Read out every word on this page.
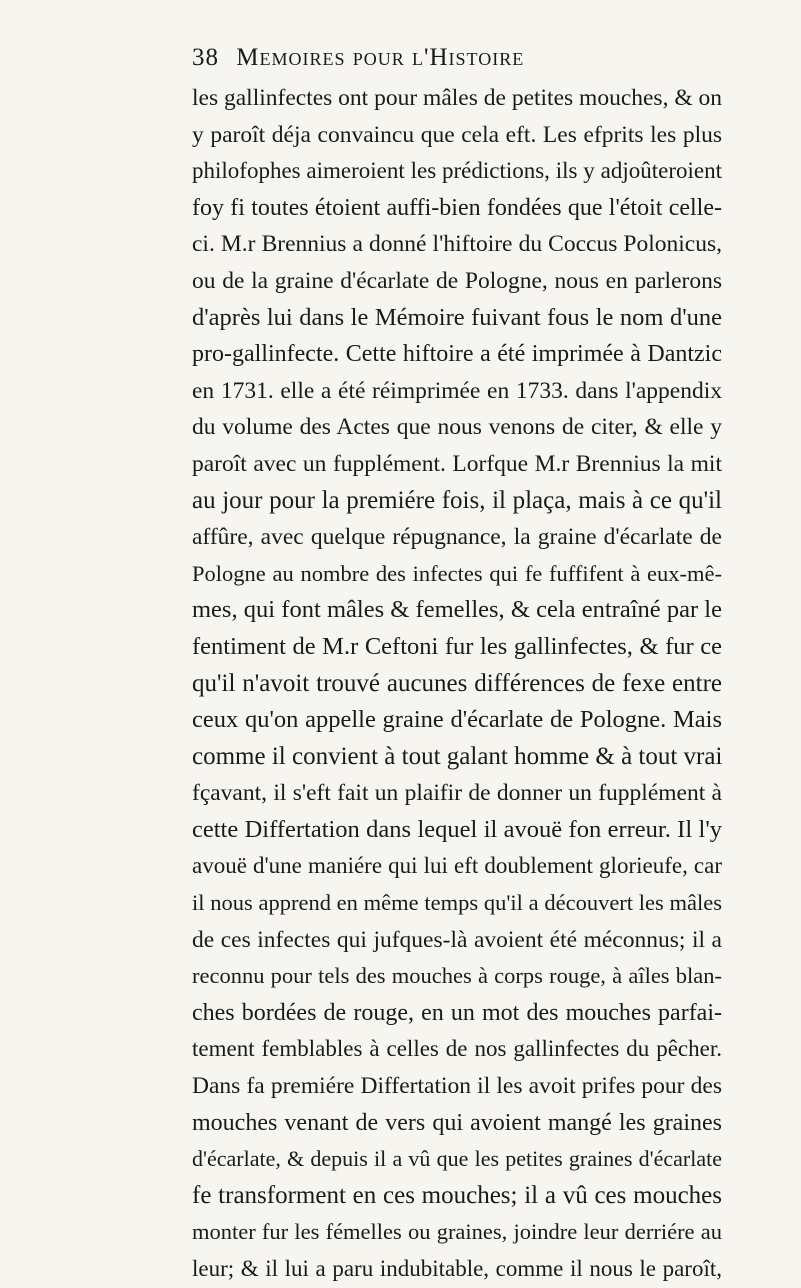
38 Memoires pour l'Histoire
les gallinfectes ont pour mâles de petites mouches, & on
y paroît déja convaincu que cela eft. Les efprits les plus
philofophes aimeroient les prédictions, ils y adjoûteroient
foy fi toutes étoient auffi-bien fondées que l'étoit celle-
ci. M.r Brennius a donné l'hiftoire du Coccus Polonicus,
ou de la graine d'écarlate de Pologne, nous en parlerons
d'après lui dans le Mémoire fuivant fous le nom d'une
pro-gallinfecte. Cette hiftoire a été imprimée à Dantzic
en 1731. elle a été réimprimée en 1733. dans l'appendix
du volume des Actes que nous venons de citer, & elle y
paroît avec un fupplément. Lorfque M.r Brennius la mit
au jour pour la premiére fois, il plaça, mais à ce qu'il
affûre, avec quelque répugnance, la graine d'écarlate de
Pologne au nombre des infectes qui fe fuffifent à eux-mê-
mes, qui font mâles & femelles, & cela entraîné par le
fentiment de M.r Ceftoni fur les gallinfectes, & fur ce
qu'il n'avoit trouvé aucunes différences de fexe entre
ceux qu'on appelle graine d'écarlate de Pologne. Mais
comme il convient à tout galant homme & à tout vrai
fçavant, il s'eft fait un plaifir de donner un fupplément à
cette Differtation dans lequel il avouë fon erreur. Il l'y
avouë d'une maniére qui lui eft doublement glorieufe, car
il nous apprend en même temps qu'il a découvert les mâles
de ces infectes qui jufques-là avoient été méconnus; il a
reconnu pour tels des mouches à corps rouge, à aîles blan-
ches bordées de rouge, en un mot des mouches parfai-
tement femblables à celles de nos gallinfectes du pêcher.
Dans fa premiére Differtation il les avoit prifes pour des
mouches venant de vers qui avoient mangé les graines
d'écarlate, & depuis il a vû que les petites graines d'écarlate
fe transforment en ces mouches; il a vû ces mouches
monter fur les fémelles ou graines, joindre leur derriére au
leur; & il lui a paru indubitable, comme il nous le paroît,
